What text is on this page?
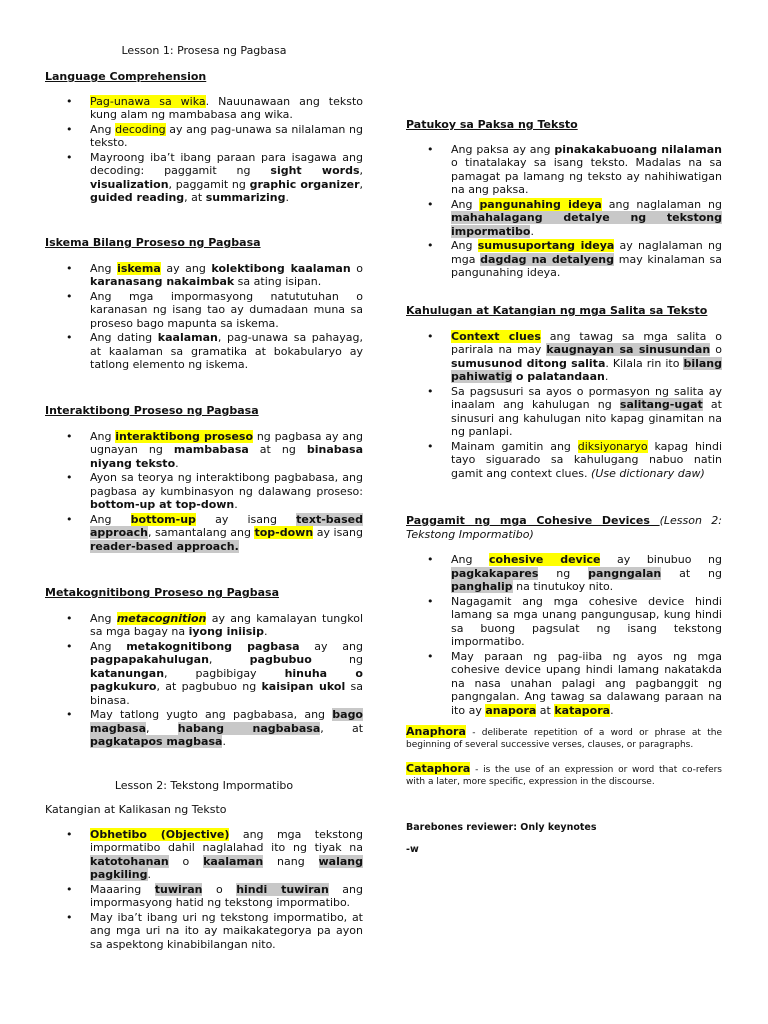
Lesson 1: Prosesa ng Pagbasa
Language Comprehension
• Pag-unawa sa wika. Nauunawaan ang teksto kung alam ng mambabasa ang wika.
• Ang decoding ay ang pag-unawa sa nilalaman ng teksto.
• Mayroong iba’t ibang paraan para isagawa ang decoding: paggamit ng sight words, visualization, paggamit ng graphic organizer, guided reading, at summarizing.
Iskema Bilang Proseso ng Pagbasa
• Ang iskema ay ang kolektibong kaalaman o karanasang nakaimbak sa ating isipan.
• Ang mga impormasyong natututuhan o karanasan ng isang tao ay dumadaan muna sa proseso bago mapunta sa iskema.
• Ang dating kaalaman, pag-unawa sa pahayag, at kaalaman sa gramatika at bokabularyo ay tatlong elemento ng iskema.
Interaktibong Proseso ng Pagbasa
• Ang interaktibong proseso ng pagbasa ay ang ugnayan ng mambabasa at ng binabasa niyang teksto.
• Ayon sa teorya ng interaktibong pagbabasa, ang pagbasa ay kumbinasyon ng dalawang proseso: bottom-up at top-down.
• Ang bottom-up ay isang text-based approach, samantalang ang top-down ay isang reader-based approach.
Metakognitibong Proseso ng Pagbasa
• Ang metacognition ay ang kamalayan tungkol sa mga bagay na iyong iniisip.
• Ang metakognitibong pagbasa ay ang pagpapakahulugan, pagbubuo ng katanungan, pagbibigay hinuha o pagkukuro, at pagbubuo ng kaisipan ukol sa binasa.
• May tatlong yugto ang pagbabasa, ang bago magbasa, habang nagbabasa, at pagkatapos magbasa.
Lesson 2: Tekstong Impormatibo
Katangian at Kalikasan ng Teksto
• Obhetibo (Objective) ang mga tekstong impormatibo dahil naglalahad ito ng tiyak na katotohanan o kaalaman nang walang pagkiling.
• Maaaring tuwiran o hindi tuwiran ang impormasyong hatid ng tekstong impormatibo.
• May iba’t ibang uri ng tekstong impormatibo, at ang mga uri na ito ay maikakategorya pa ayon sa aspektong kinabibilangan nito.
Patukoy sa Paksa ng Teksto
• Ang paksa ay ang pinakakabuoang nilalaman o tinatalakay sa isang teksto. Madalas na sa pamagat pa lamang ng teksto ay nahihiwatigan na ang paksa.
• Ang pangunahing ideya ang naglalaman ng mahahalagang detalye ng tekstong impormatibo.
• Ang sumusuportang ideya ay naglalaman ng mga dagdag na detalyeng may kinalaman sa pangunahing ideya.
Kahulugan at Katangian ng mga Salita sa Teksto
• Context clues ang tawag sa mga salita o parirala na may kaugnayan sa sinusundan o sumusunod ditong salita. Kilala rin ito bilang pahiwatig o palatandaan.
• Sa pagsusuri sa ayos o pormasyon ng salita ay inaalam ang kahulugan ng salitang-ugat at sinusuri ang kahulugan nito kapag ginamitan na ng panlapi.
• Mainam gamitin ang diksiyonaryo kapag hindi tayo siguarado sa kahulugang nabuo natin gamit ang context clues. (Use dictionary daw)
Paggamit ng mga Cohesive Devices (Lesson 2: Tekstong Impormatibo)
• Ang cohesive device ay binubuo ng pagkakapares ng pangngalan at ng panghalip na tinutukoy nito.
• Nagagamit ang mga cohesive device hindi lamang sa mga unang pangungusap, kung hindi sa buong pagsulat ng isang tekstong impormatibo.
• May paraan ng pag-iiba ng ayos ng mga cohesive device upang hindi lamang nakatakda na nasa unahan palagi ang pagbanggit ng pangngalan. Ang tawag sa dalawang paraan na ito ay anapora at katapora.
Anaphora - deliberate repetition of a word or phrase at the beginning of several successive verses, clauses, or paragraphs.
Cataphora - is the use of an expression or word that co-refers with a later, more specific, expression in the discourse.
Barebones reviewer: Only keynotes
-w
